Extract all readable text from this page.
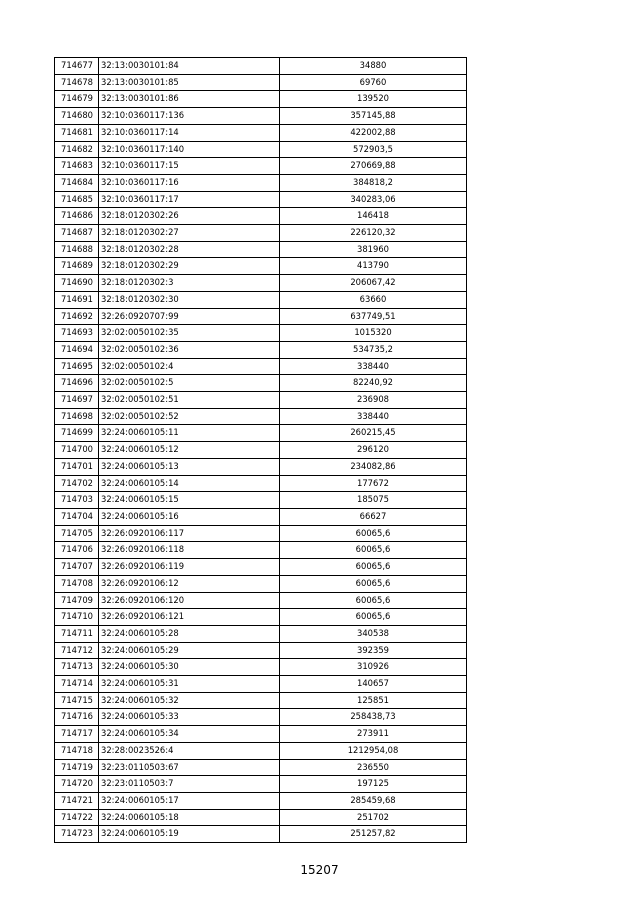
714677	32:13:0030101:84	34880
714678	32:13:0030101:85	69760
714679	32:13:0030101:86	139520
714680	32:10:0360117:136	357145,88
714681	32:10:0360117:14	422002,88
714682	32:10:0360117:140	572903,5
714683	32:10:0360117:15	270669,88
714684	32:10:0360117:16	384818,2
714685	32:10:0360117:17	340283,06
714686	32:18:0120302:26	146418
714687	32:18:0120302:27	226120,32
714688	32:18:0120302:28	381960
714689	32:18:0120302:29	413790
714690	32:18:0120302:3	206067,42
714691	32:18:0120302:30	63660
714692	32:26:0920707:99	637749,51
714693	32:02:0050102:35	1015320
714694	32:02:0050102:36	534735,2
714695	32:02:0050102:4	338440
714696	32:02:0050102:5	82240,92
714697	32:02:0050102:51	236908
714698	32:02:0050102:52	338440
714699	32:24:0060105:11	260215,45
714700	32:24:0060105:12	296120
714701	32:24:0060105:13	234082,86
714702	32:24:0060105:14	177672
714703	32:24:0060105:15	185075
714704	32:24:0060105:16	66627
714705	32:26:0920106:117	60065,6
714706	32:26:0920106:118	60065,6
714707	32:26:0920106:119	60065,6
714708	32:26:0920106:12	60065,6
714709	32:26:0920106:120	60065,6
714710	32:26:0920106:121	60065,6
714711	32:24:0060105:28	340538
714712	32:24:0060105:29	392359
714713	32:24:0060105:30	310926
714714	32:24:0060105:31	140657
714715	32:24:0060105:32	125851
714716	32:24:0060105:33	258438,73
714717	32:24:0060105:34	273911
714718	32:28:0023526:4	1212954,08
714719	32:23:0110503:67	236550
714720	32:23:0110503:7	197125
714721	32:24:0060105:17	285459,68
714722	32:24:0060105:18	251702
714723	32:24:0060105:19	251257,82
15207
